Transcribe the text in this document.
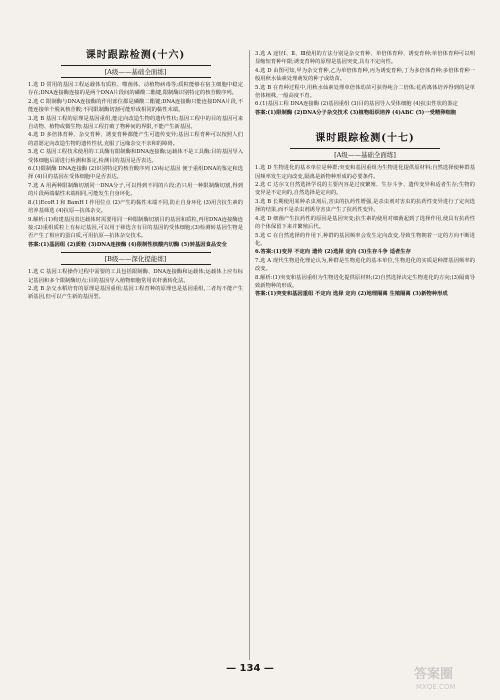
课时跟踪检测(十六)
[A级——基础全面练]

1.选 D 常用的基因工程运载体有质粒、噬菌体、动植物病毒等;质粒能够在宿主细胞中稳定存在;DNA连接酶连接的是两个DNA片段间的磷酸二酯键,限制酶识别特定的核苷酸序列。

2.选 C 限制酶与DNA连接酶的作用部位都是磷酸二酯键;DNA连接酶只能连接DNA片段,不能连接单个脱氧核苷酸;不同限制酶切割可能形成相同的黏性末端。

3.选 B 基因工程的原理是基因重组,能定向改造生物的遗传性状;基因工程中的目的基因可来自动物、植物或微生物;基因工程打破了物种间的界限,不能产生新基因。

4.选 D 多倍体育种、杂交育种、诱变育种都能产生可遗传变异;基因工程育种可以按照人们的意愿定向改造生物的遗传性状,克服了远缘杂交不亲和的障碍。

5.选 C 基因工程技术使用的工具酶有限制酶和DNA连接酶;运载体不是工具酶;目的基因导入受体细胞后需进行检测和鉴定,检测目的基因是否表达。

6.(1)限制酶 DNA连接酶 (2)识别特定的核苷酸序列 (3)标记基因 便于重组DNA的鉴定和选择 (4)目的基因在受体细胞中是否表达。

7.选 A 用两种限制酶切割同一DNA分子,可以得到不同的片段;若只用一种限制酶切割,得到的片段两端黏性末端相同,可能发生自身环化。

8.(1)EcoR I 和 BamH I 作用位点 (2)产生的黏性末端不同,防止自身环化 (3)用含抗生素的培养基筛选 (4)抗原—抗体杂交。

9.解析:(1)构建基因表达载体时需要用同一种限制酶切割目的基因和质粒,再用DNA连接酶连接;(2)重组质粒上有标记基因,可以用于筛选含有目的基因的受体细胞;(3)检测转基因生物是否产生了相应的蛋白质,可用抗原—抗体杂交技术。

答案:(1)基因组 (2)质粒 (3)DNA连接酶 (4)限制性核酸内切酶 (5)转基因食品安全

[B级——深化提能练]

1.选 C 基因工程操作过程中需要的工具包括限制酶、DNA连接酶和运载体;运载体上应有标记基因和多个限制酶切点;目的基因导入植物细胞常用农杆菌转化法。

2.选 B 杂交水稻培育的原理是基因重组;基因工程育种的原理也是基因重组,二者均不能产生新基因,但可以产生新的基因型。

3.选 A 途径Ⅰ、Ⅱ、Ⅲ使用的方法分别是杂交育种、单倍体育种、诱变育种;单倍体育种可以明显缩短育种年限;诱变育种的原理是基因突变,具有不定向性。

4.选 D 由图可知,甲为杂交育种,乙为单倍体育种,丙为诱变育种,丁为多倍体育种;多倍体育种一般用秋水仙素处理萌发的种子或幼苗。

5.选 B 在育种过程中,用秋水仙素处理单倍体幼苗可获得纯合二倍体;花药离体培养得到的是单倍体植株,一般高度不育。

6.(1)基因工程 DNA连接酶 (2)基因重组 (3)目的基因导入受体细胞 (4)抗虫性状的鉴定

答案:(1)限制酶 (2)DNA分子杂交技术 (3)植物组织培养 (4)ABC (5)一受精卵细胞

课时跟踪检测(十七)
[A级——基础全面练]

1.选 D 生物进化的基本单位是种群;突变和基因重组为生物进化提供原材料;自然选择使种群基因频率发生定向改变,隔离是新物种形成的必要条件。

2.选 C 达尔文自然选择学说的主要内容是过度繁殖、生存斗争、遗传变异和适者生存;生物的变异是不定向的,自然选择是定向的。

3.选 B 长期使用某种杀虫剂后,害虫的抗药性增强,是杀虫剂对害虫的抗药性变异进行了定向选择的结果,而不是杀虫剂诱导害虫产生了抗药性变异。

4.选 D 细菌产生抗药性的原因是基因突变;抗生素的使用对细菌起到了选择作用,使具有抗药性的个体保留下来并繁殖后代。

5.选 C 在自然选择的作用下,种群的基因频率会发生定向改变,导致生物朝着一定的方向不断进化。

6.答案:(1)变异 不定向 遗传 (2)选择 定向 (3)生存斗争 适者生存

7.选 A 现代生物进化理论认为,种群是生物进化的基本单位,生物进化的实质是种群基因频率的改变。

8.解析:(1)突变和基因重组为生物进化提供原材料;(2)自然选择决定生物进化的方向;(3)隔离导致新物种的形成。

答案:(1)突变和基因重组 不定向 选择 定向 (2)地理隔离 生殖隔离 (3)新物种形成

— 134 —	答案圈
MXQE.COM
